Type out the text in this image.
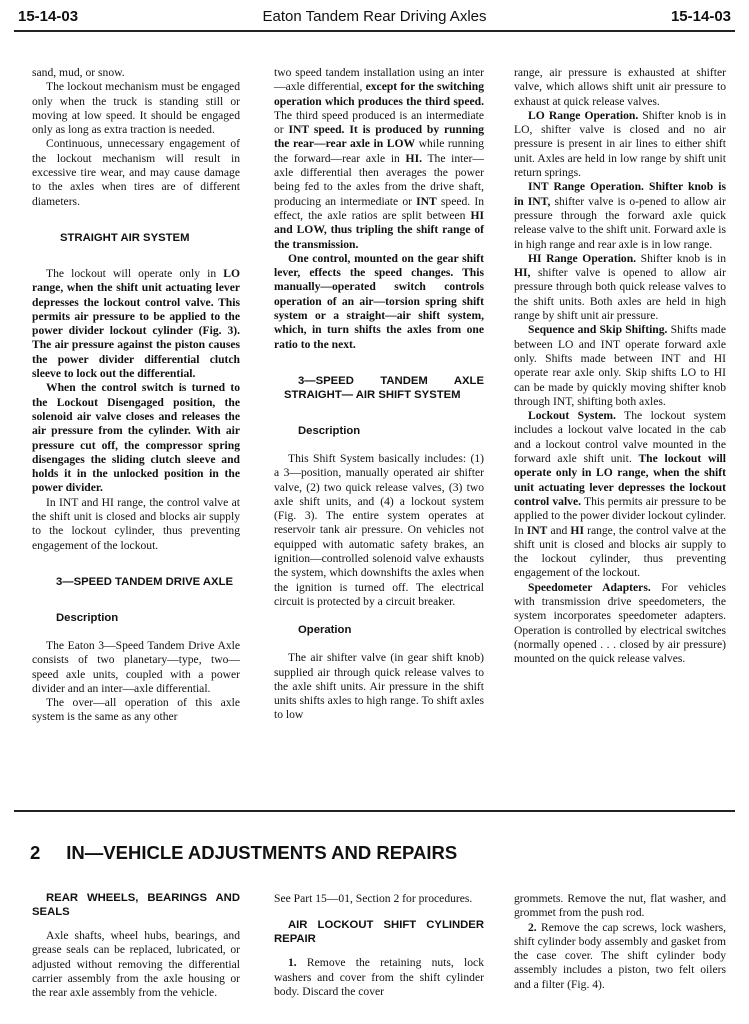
15-14-03	Eaton Tandem Rear Driving Axles	15-14-03

sand, mud, or snow.

The lockout mechanism must be engaged only when the truck is standing still or moving at low speed. It should be engaged only as long as extra traction is needed.

Continuous, unnecessary engagement of the lockout mechanism will result in excessive tire wear, and may cause damage to the axles when tires are of different diameters.

STRAIGHT AIR SYSTEM

The lockout will operate only in LO range, when the shift unit actuating lever depresses the lockout control valve. This permits air pressure to be applied to the power divider lockout cylinder (Fig. 3). The air pressure against the piston causes the power divider differential clutch sleeve to lock out the differential.

When the control switch is turned to the Lockout Disengaged position, the solenoid air valve closes and releases the air pressure from the cylinder. With air pressure cut off, the compressor spring disengages the sliding clutch sleeve and holds it in the unlocked position in the power divider.

In INT and HI range, the control valve at the shift unit is closed and blocks air supply to the lockout cylinder, thus preventing engagement of the lockout.

3—SPEED TANDEM DRIVE AXLE

Description

The Eaton 3—Speed Tandem Drive Axle consists of two planetary—type, two—speed axle units, coupled with a power divider and an inter—axle differential.

The over—all operation of this axle system is the same as any other

two speed tandem installation using an inter—axle differential, except for the switching operation which produces the third speed. The third speed produced is an intermediate or INT speed. It is produced by running the rear—rear axle in LOW while running the forward—rear axle in HI. The inter—axle differential then averages the power being fed to the axles from the drive shaft, producing an intermediate or INT speed. In effect, the axle ratios are split between HI and LOW, thus tripling the shift range of the transmission.

One control, mounted on the gear shift lever, effects the speed changes. This manually—operated switch controls operation of an air—torsion spring shift system or a straight—air shift system, which, in turn shifts the axles from one ratio to the next.

3—SPEED TANDEM AXLE STRAIGHT— AIR SHIFT SYSTEM

Description

This Shift System basically includes: (1) a 3—position, manually operated air shifter valve, (2) two quick release valves, (3) two axle shift units, and (4) a lockout system (Fig. 3). The entire system operates at reservoir tank air pressure. On vehicles not equipped with automatic safety brakes, an ignition—controlled solenoid valve exhausts the system, which downshifts the axles when the ignition is turned off. The electrical circuit is protected by a circuit breaker.

Operation

The air shifter valve (in gear shift knob) supplied air through quick release valves to the axle shift units. Air pressure in the shift units shifts axles to high range. To shift axles to low

range, air pressure is exhausted at shifter valve, which allows shift unit air pressure to exhaust at quick release valves.

LO Range Operation. Shifter knob is in LO, shifter valve is closed and no air pressure is present in air lines to either shift unit. Axles are held in low range by shift unit return springs.

INT Range Operation. Shifter knob is in INT, shifter valve is o-pened to allow air pressure through the forward axle quick release valve to the shift unit. Forward axle is in high range and rear axle is in low range.

HI Range Operation. Shifter knob is in HI, shifter valve is opened to allow air pressure through both quick release valves to the shift units. Both axles are held in high range by shift unit air pressure.

Sequence and Skip Shifting. Shifts made between LO and INT operate forward axle only. Shifts made between INT and HI operate rear axle only. Skip shifts LO to HI can be made by quickly moving shifter knob through INT, shifting both axles.

Lockout System. The lockout system includes a lockout valve located in the cab and a lockout control valve mounted in the forward axle shift unit. The lockout will operate only in LO range, when the shift unit actuating lever depresses the lockout control valve. This permits air pressure to be applied to the power divider lockout cylinder. In INT and HI range, the control valve at the shift unit is closed and blocks air supply to the lockout cylinder, thus preventing engagement of the lockout.

Speedometer Adapters. For vehicles with transmission drive speedometers, the system incorporates speedometer adapters. Operation is controlled by electrical switches (normally opened . . . closed by air pressure) mounted on the quick release valves.

2 IN—VEHICLE ADJUSTMENTS AND REPAIRS

REAR WHEELS, BEARINGS AND SEALS

Axle shafts, wheel hubs, bearings, and grease seals can be replaced, lubricated, or adjusted without removing the differential carrier assembly from the axle housing or the rear axle assembly from the vehicle.

See Part 15—01, Section 2 for procedures.

AIR LOCKOUT SHIFT CYLINDER REPAIR

1. Remove the retaining nuts, lock washers and cover from the shift cylinder body. Discard the cover

grommets. Remove the nut, flat washer, and grommet from the push rod.

2. Remove the cap screws, lock washers, shift cylinder body assembly and gasket from the case cover. The shift cylinder body assembly includes a piston, two felt oilers and a filter (Fig. 4).
